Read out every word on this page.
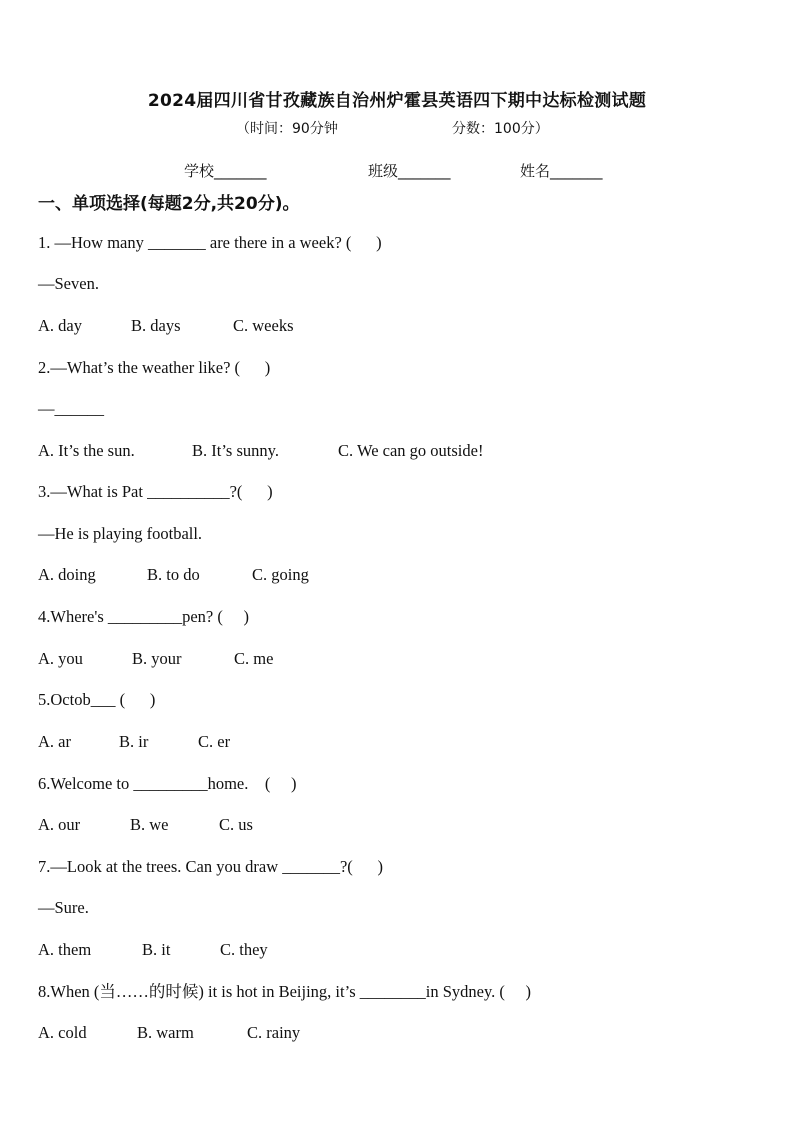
2024届四川省甘孜藏族自治州炉霍县英语四下期中达标检测试题
（时间：90分钟	分数：100分）
学校_______	班级_______	姓名_______
一、单项选择(每题2分,共20分)。
1. —How many _______ are there in a week? (      )
—Seven.
A. day	B. days	C. weeks
2.—What’s the weather like? (      )
—______
A. It’s the sun.	B. It’s sunny.	C. We can go outside!
3.—What is Pat __________?(      )
—He is playing football.
A. doing	B. to do	C. going
4.Where's _________pen? (     )
A. you	B. your	C. me
5.Octob___ (      )
A. ar	B. ir	C. er
6.Welcome to _________home.    (     )
A. our	B. we	C. us
7.—Look at the trees. Can you draw _______?(      )
—Sure.
A. them	B. it	C. they
8.When (当……的时候) it is hot in Beijing, it’s ________in Sydney. (     )
A. cold	B. warm	C. rainy
